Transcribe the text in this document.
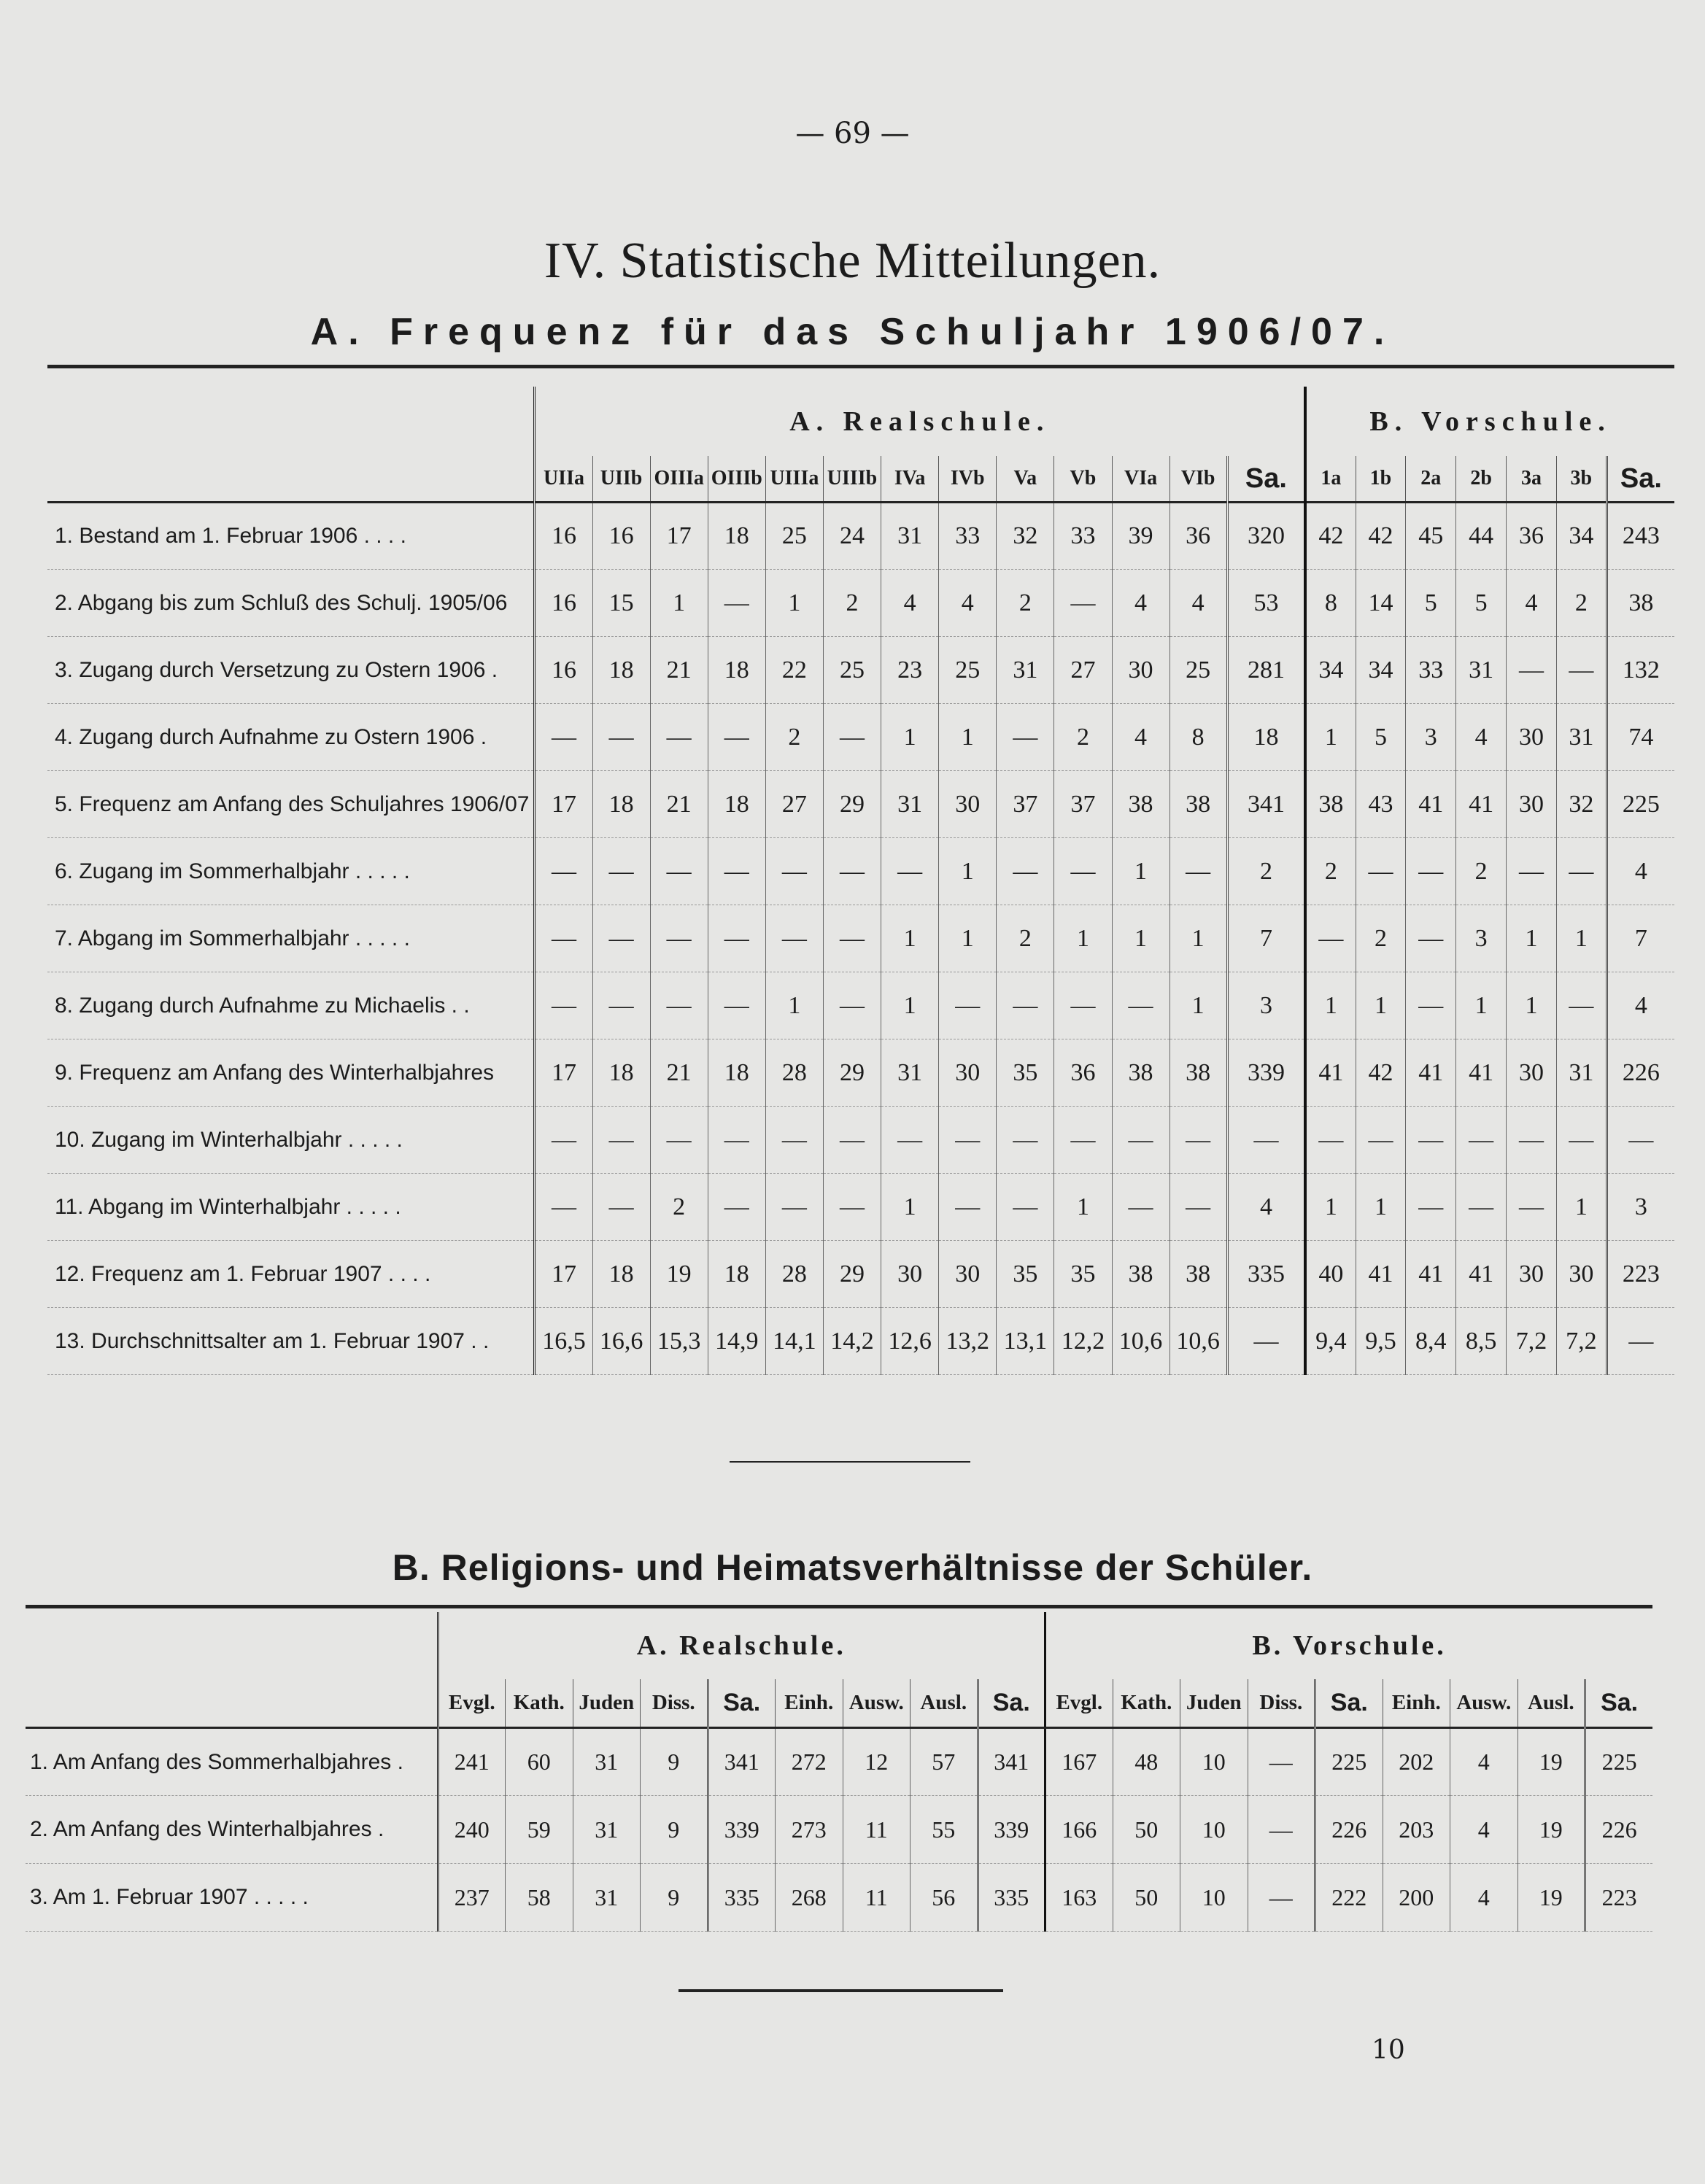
— 69 —
IV. Statistische Mitteilungen.
A. Frequenz für das Schuljahr 1906/07.
	A. Realschule.													B. Vorschule.						
	UIIa	UIIb	OIIIa	OIIIb	UIIIa	UIIIb	IVa	IVb	Va	Vb	VIa	VIb	Sa.	1a	1b	2a	2b	3a	3b	Sa.
1. Bestand am 1. Februar 1906 . . . .	16	16	17	18	25	24	31	33	32	33	39	36	320	42	42	45	44	36	34	243
2. Abgang bis zum Schluß des Schulj. 1905/06	16	15	1	—	1	2	4	4	2	—	4	4	53	8	14	5	5	4	2	38
3. Zugang durch Versetzung zu Ostern 1906 .	16	18	21	18	22	25	23	25	31	27	30	25	281	34	34	33	31	—	—	132
4. Zugang durch Aufnahme zu Ostern 1906 .	—	—	—	—	2	—	1	1	—	2	4	8	18	1	5	3	4	30	31	74
5. Frequenz am Anfang des Schuljahres 1906/07	17	18	21	18	27	29	31	30	37	37	38	38	341	38	43	41	41	30	32	225
6. Zugang im Sommerhalbjahr . . . . .	—	—	—	—	—	—	—	1	—	—	1	—	2	2	—	—	2	—	—	4
7. Abgang im Sommerhalbjahr . . . . .	—	—	—	—	—	—	1	1	2	1	1	1	7	—	2	—	3	1	1	7
8. Zugang durch Aufnahme zu Michaelis . .	—	—	—	—	1	—	1	—	—	—	—	1	3	1	1	—	1	1	—	4
9. Frequenz am Anfang des Winterhalbjahres	17	18	21	18	28	29	31	30	35	36	38	38	339	41	42	41	41	30	31	226
10. Zugang im Winterhalbjahr . . . . .	—	—	—	—	—	—	—	—	—	—	—	—	—	—	—	—	—	—	—	—
11. Abgang im Winterhalbjahr . . . . .	—	—	2	—	—	—	1	—	—	1	—	—	4	1	1	—	—	—	1	3
12. Frequenz am 1. Februar 1907 . . . .	17	18	19	18	28	29	30	30	35	35	38	38	335	40	41	41	41	30	30	223
13. Durchschnittsalter am 1. Februar 1907 . .	16,5	16,6	15,3	14,9	14,1	14,2	12,6	13,2	13,1	12,2	10,6	10,6	—	9,4	9,5	8,4	8,5	7,2	7,2	—
B. Religions- und Heimatsverhältnisse der Schüler.
	A. Realschule.									B. Vorschule.								
	Evgl.	Kath.	Juden	Diss.	Sa.	Einh.	Ausw.	Ausl.	Sa.	Evgl.	Kath.	Juden	Diss.	Sa.	Einh.	Ausw.	Ausl.	Sa.
1. Am Anfang des Sommerhalbjahres .	241	60	31	9	341	272	12	57	341	167	48	10	—	225	202	4	19	225
2. Am Anfang des Winterhalbjahres .	240	59	31	9	339	273	11	55	339	166	50	10	—	226	203	4	19	226
3. Am 1. Februar 1907 . . . . .	237	58	31	9	335	268	11	56	335	163	50	10	—	222	200	4	19	223
10
